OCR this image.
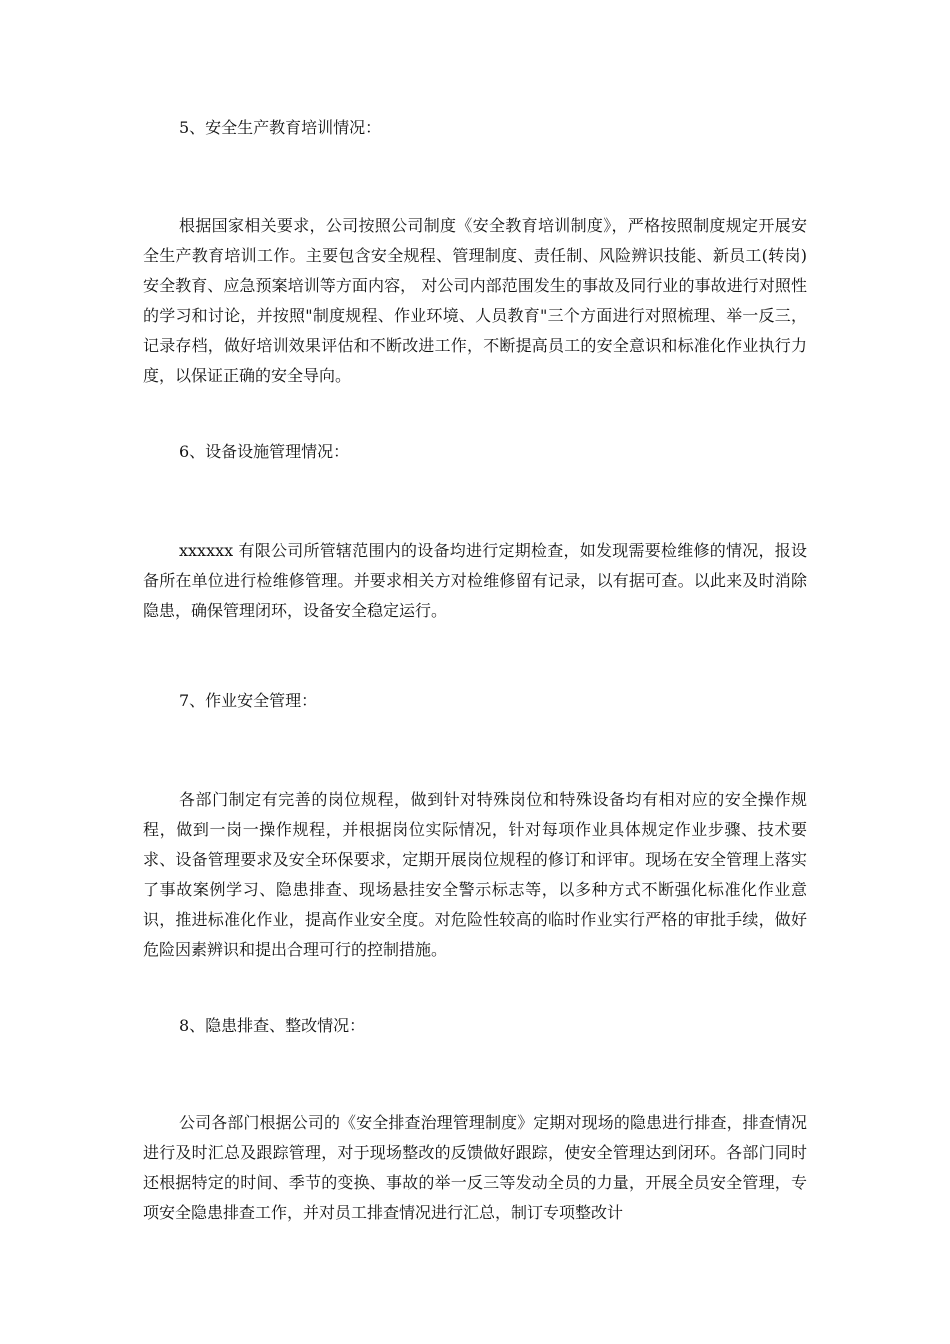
5、安全生产教育培训情况：
根据国家相关要求，公司按照公司制度《安全教育培训制度》，严格按照制度规定开展安全生产教育培训工作。主要包含安全规程、管理制度、责任制、风险辨识技能、新员工(转岗)安全教育、应急预案培训等方面内容， 对公司内部范围发生的事故及同行业的事故进行对照性的学习和讨论，并按照"制度规程、作业环境、人员教育"三个方面进行对照梳理、举一反三，记录存档，做好培训效果评估和不断改进工作，不断提高员工的安全意识和标准化作业执行力度，以保证正确的安全导向。
6、设备设施管理情况：
xxxxxx 有限公司所管辖范围内的设备均进行定期检查，如发现需要检维修的情况，报设备所在单位进行检维修管理。并要求相关方对检维修留有记录，以有据可查。以此来及时消除隐患，确保管理闭环，设备安全稳定运行。
7、作业安全管理：
各部门制定有完善的岗位规程，做到针对特殊岗位和特殊设备均有相对应的安全操作规程，做到一岗一操作规程，并根据岗位实际情况，针对每项作业具体规定作业步骤、技术要求、设备管理要求及安全环保要求，定期开展岗位规程的修订和评审。现场在安全管理上落实了事故案例学习、隐患排查、现场悬挂安全警示标志等，以多种方式不断强化标准化作业意识，推进标准化作业，提高作业安全度。对危险性较高的临时作业实行严格的审批手续，做好危险因素辨识和提出合理可行的控制措施。
8、隐患排查、整改情况：
公司各部门根据公司的《安全排查治理管理制度》定期对现场的隐患进行排查，排查情况进行及时汇总及跟踪管理，对于现场整改的反馈做好跟踪，使安全管理达到闭环。各部门同时还根据特定的时间、季节的变换、事故的举一反三等发动全员的力量，开展全员安全管理，专项安全隐患排查工作，并对员工排查情况进行汇总，制订专项整改计
